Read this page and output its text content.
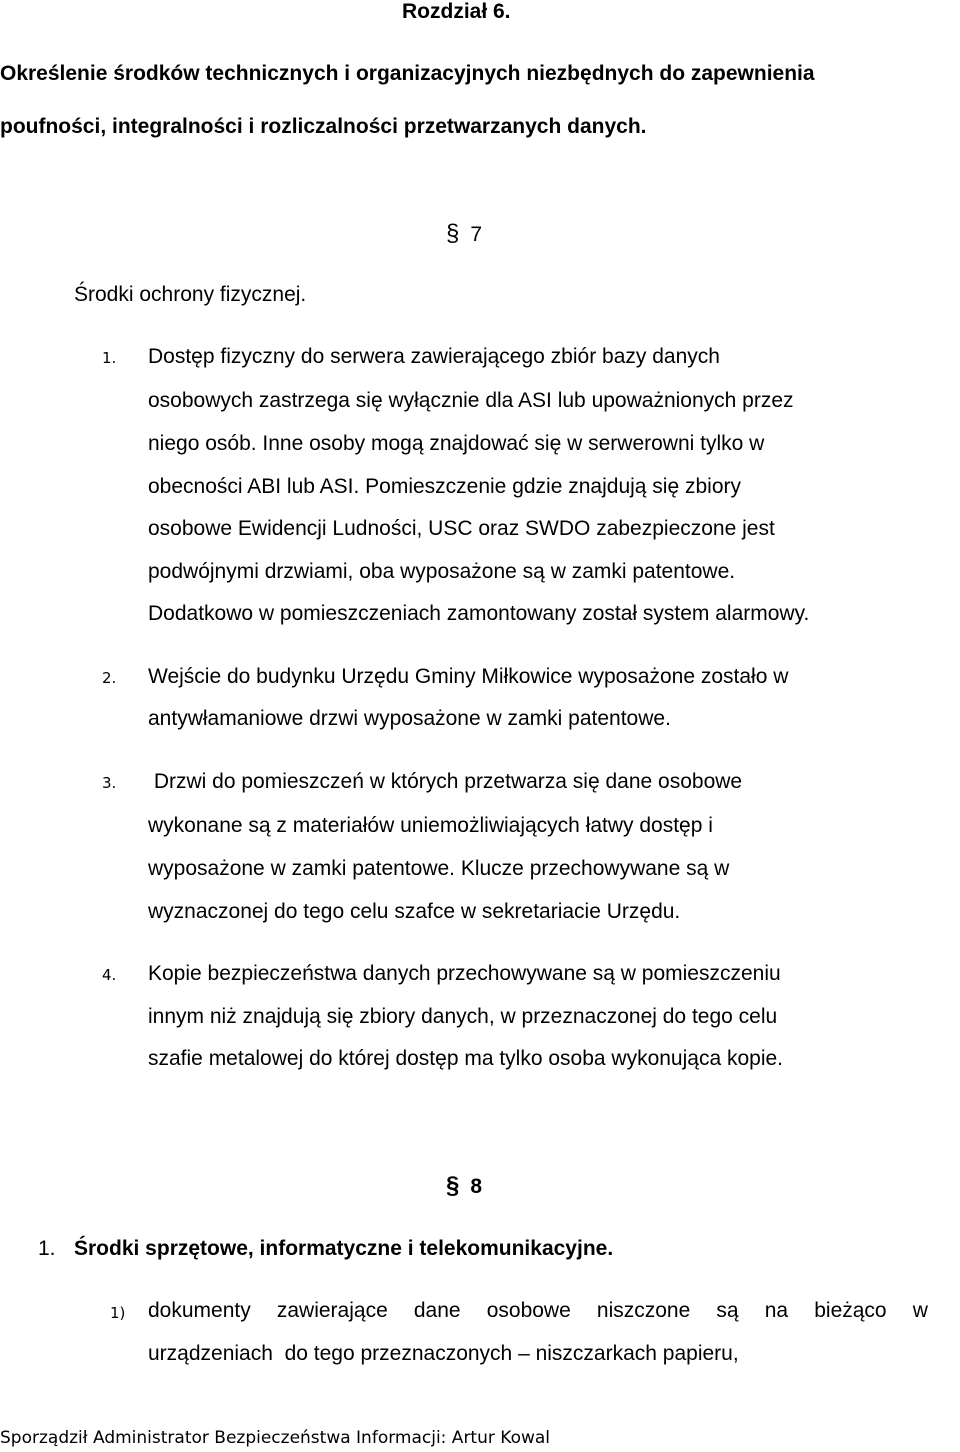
Rozdział 6.
Określenie środków technicznych i organizacyjnych niezbędnych do zapewnienia
poufności, integralności i rozliczalności przetwarzanych danych.
§ 7
Środki ochrony fizycznej.
1. Dostęp fizyczny do serwera zawierającego zbiór bazy danych
osobowych zastrzega się wyłącznie dla ASI lub upoważnionych przez
niego osób. Inne osoby mogą znajdować się w serwerowni tylko w
obecności ABI lub ASI. Pomieszczenie gdzie znajdują się zbiory
osobowe Ewidencji Ludności, USC oraz SWDO zabezpieczone jest
podwójnymi drzwiami, oba wyposażone są w zamki patentowe.
Dodatkowo w pomieszczeniach zamontowany został system alarmowy.
2. Wejście do budynku Urzędu Gminy Miłkowice wyposażone zostało w
antywłamaniowe drzwi wyposażone w zamki patentowe.
3. Drzwi do pomieszczeń w których przetwarza się dane osobowe
wykonane są z materiałów uniemożliwiających łatwy dostęp i
wyposażone w zamki patentowe. Klucze przechowywane są w
wyznaczonej do tego celu szafce w sekretariacie Urzędu.
4. Kopie bezpieczeństwa danych przechowywane są w pomieszczeniu
innym niż znajdują się zbiory danych, w przeznaczonej do tego celu
szafie metalowej do której dostęp ma tylko osoba wykonująca kopie.
§ 8
1. Środki sprzętowe, informatyczne i telekomunikacyjne.
1) dokumenty zawierające dane osobowe niszczone są na bieżąco w
urządzeniach  do tego przeznaczonych – niszczarkach papieru,
Sporządził Administrator Bezpieczeństwa Informacji: Artur Kowal
